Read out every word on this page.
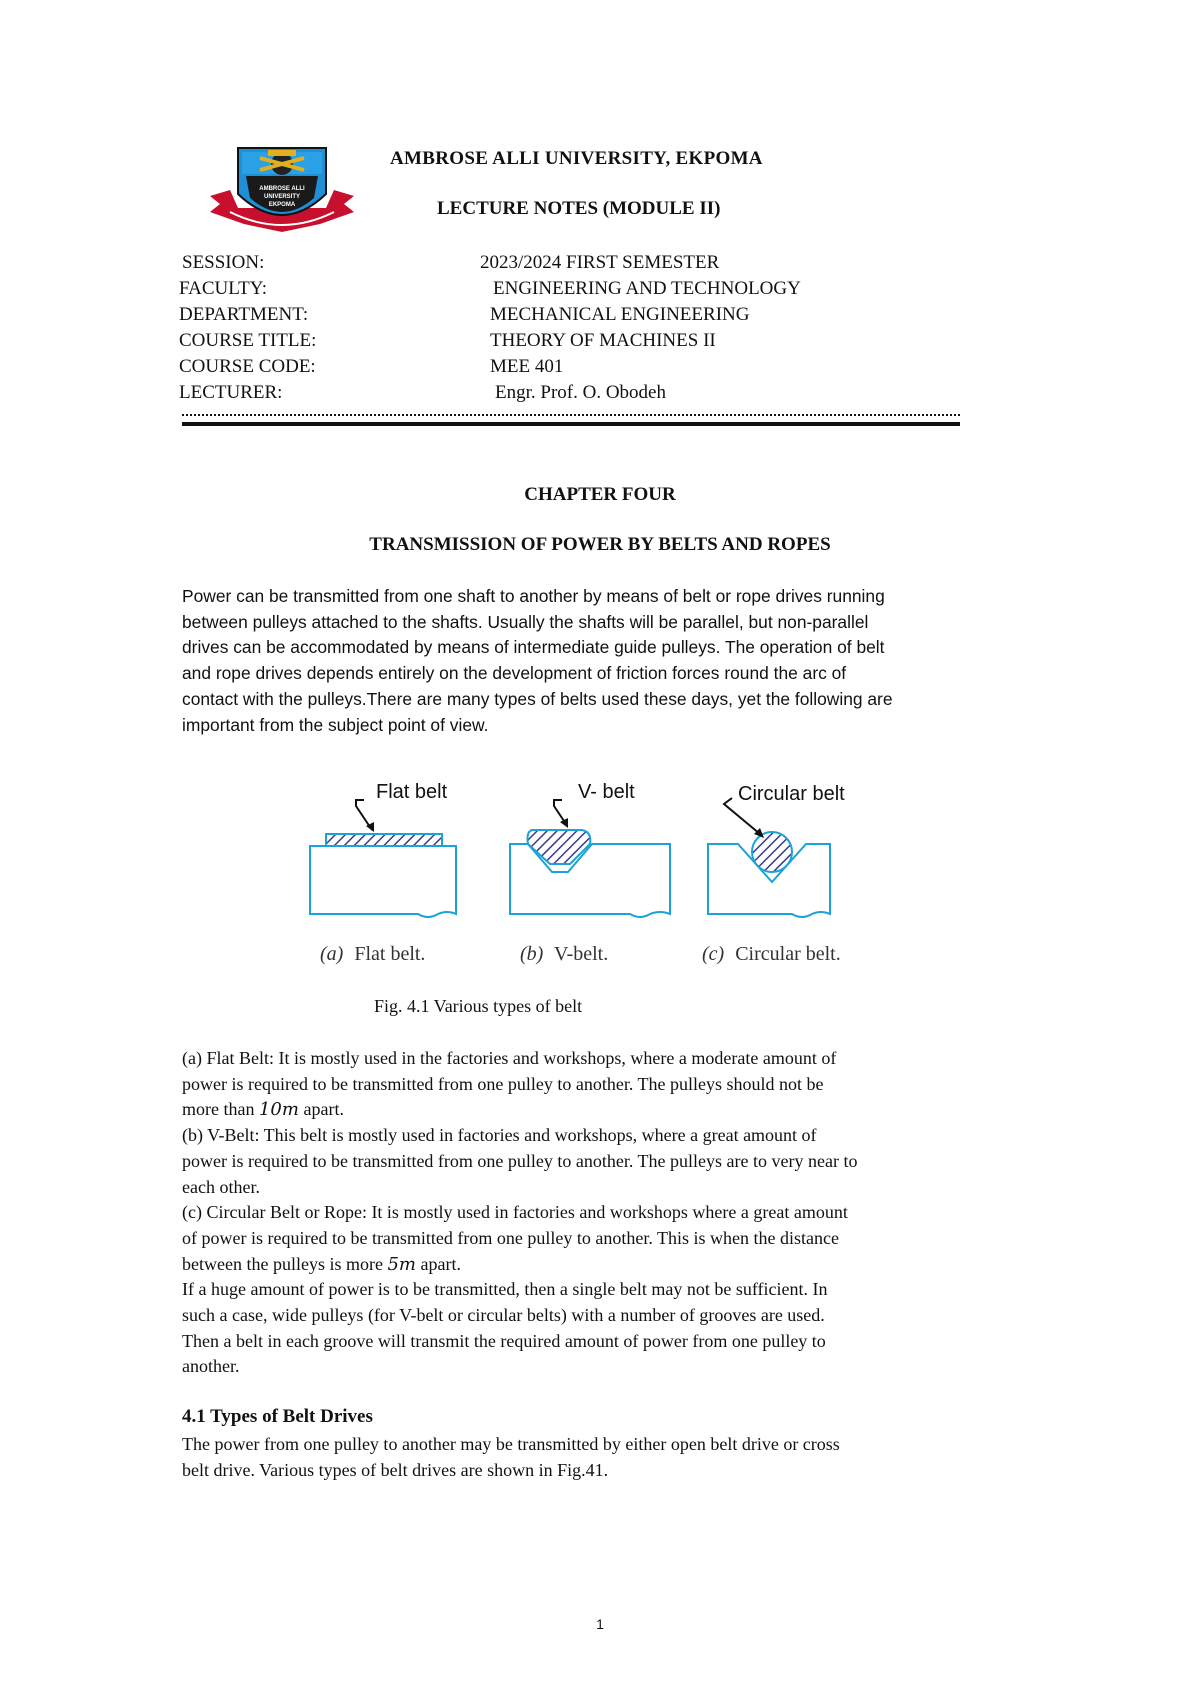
AMBROSE ALLI
UNIVERSITY
EKPOMA
AMBROSE ALLI UNIVERSITY, EKPOMA
LECTURE NOTES (MODULE II)
SESSION:	2023/2024 FIRST SEMESTER
FACULTY:	ENGINEERING AND TECHNOLOGY
DEPARTMENT:	MECHANICAL ENGINEERING
COURSE TITLE:	THEORY OF MACHINES II
COURSE CODE:	MEE 401
LECTURER:	Engr. Prof. O. Obodeh
CHAPTER FOUR
TRANSMISSION OF POWER BY BELTS AND ROPES
Power can be transmitted from one shaft to another by means of belt or rope drives running
between pulleys attached to the shafts. Usually the shafts will be parallel, but non-parallel
drives can be accommodated by means of intermediate guide pulleys. The operation of belt
and rope drives depends entirely on the development of friction forces round the arc of
contact with the pulleys.There are many types of belts used these days, yet the following are
important from the subject point of view.
Flat belt	V- belt	Circular belt
(a) Flat belt.	(b) V-belt.	(c) Circular belt.
Fig. 4.1 Various types of belt
(a) Flat Belt: It is mostly used in the factories and workshops, where a moderate amount of
power is required to be transmitted from one pulley to another. The pulleys should not be
more than 10m apart.
(b) V-Belt: This belt is mostly used in factories and workshops, where a great amount of
power is required to be transmitted from one pulley to another. The pulleys are to very near to
each other.
(c) Circular Belt or Rope: It is mostly used in factories and workshops where a great amount
of power is required to be transmitted from one pulley to another. This is when the distance
between the pulleys is more 5m apart.
If a huge amount of power is to be transmitted, then a single belt may not be sufficient. In
such a case, wide pulleys (for V-belt or circular belts) with a number of grooves are used.
Then a belt in each groove will transmit the required amount of power from one pulley to
another.
4.1 Types of Belt Drives
The power from one pulley to another may be transmitted by either open belt drive or cross
belt drive. Various types of belt drives are shown in Fig.41.
1
